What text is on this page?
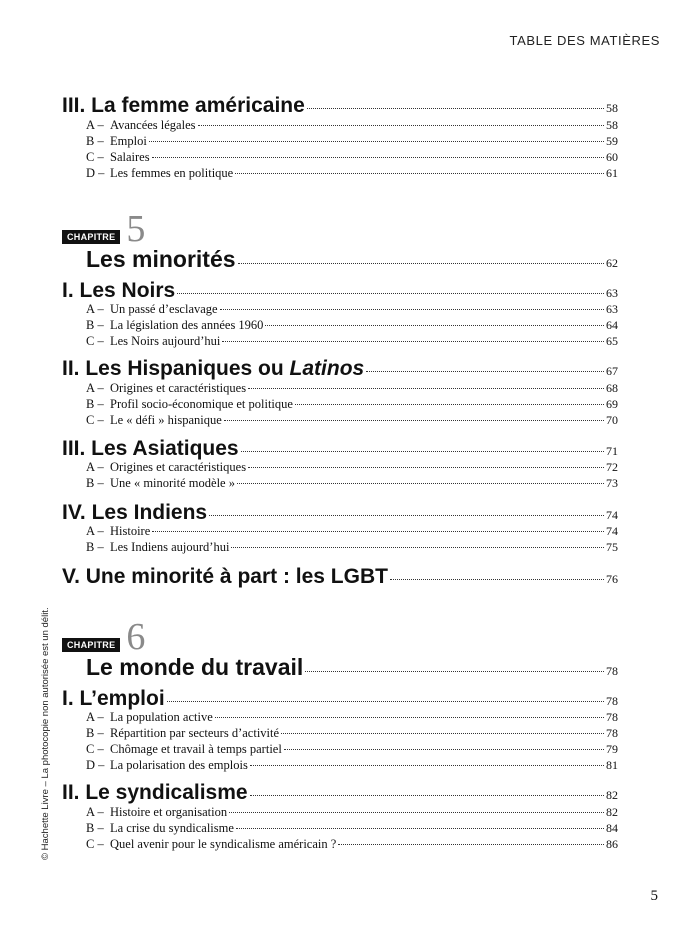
TABLE DES MATIÈRES
III. La femme américaine	58
A – Avancées légales	58
B – Emploi	59
C – Salaires	60
D – Les femmes en politique	61
CHAPITRE 5
Les minorités	62
I. Les Noirs	63
A – Un passé d’esclavage	63
B – La législation des années 1960	64
C – Les Noirs aujourd’hui	65
II. Les Hispaniques ou Latinos	67
A – Origines et caractéristiques	68
B – Profil socio-économique et politique	69
C – Le « défi » hispanique	70
III. Les Asiatiques	71
A – Origines et caractéristiques	72
B – Une « minorité modèle »	73
IV. Les Indiens	74
A – Histoire	74
B – Les Indiens aujourd’hui	75
V. Une minorité à part : les LGBT	76
CHAPITRE 6
Le monde du travail	78
I. L’emploi	78
A – La population active	78
B – Répartition par secteurs d’activité	78
C – Chômage et travail à temps partiel	79
D – La polarisation des emplois	81
II. Le syndicalisme	82
A – Histoire et organisation	82
B – La crise du syndicalisme	84
C – Quel avenir pour le syndicalisme américain ?	86
© Hachette Livre – La photocopie non autorisée est un délit.
5
